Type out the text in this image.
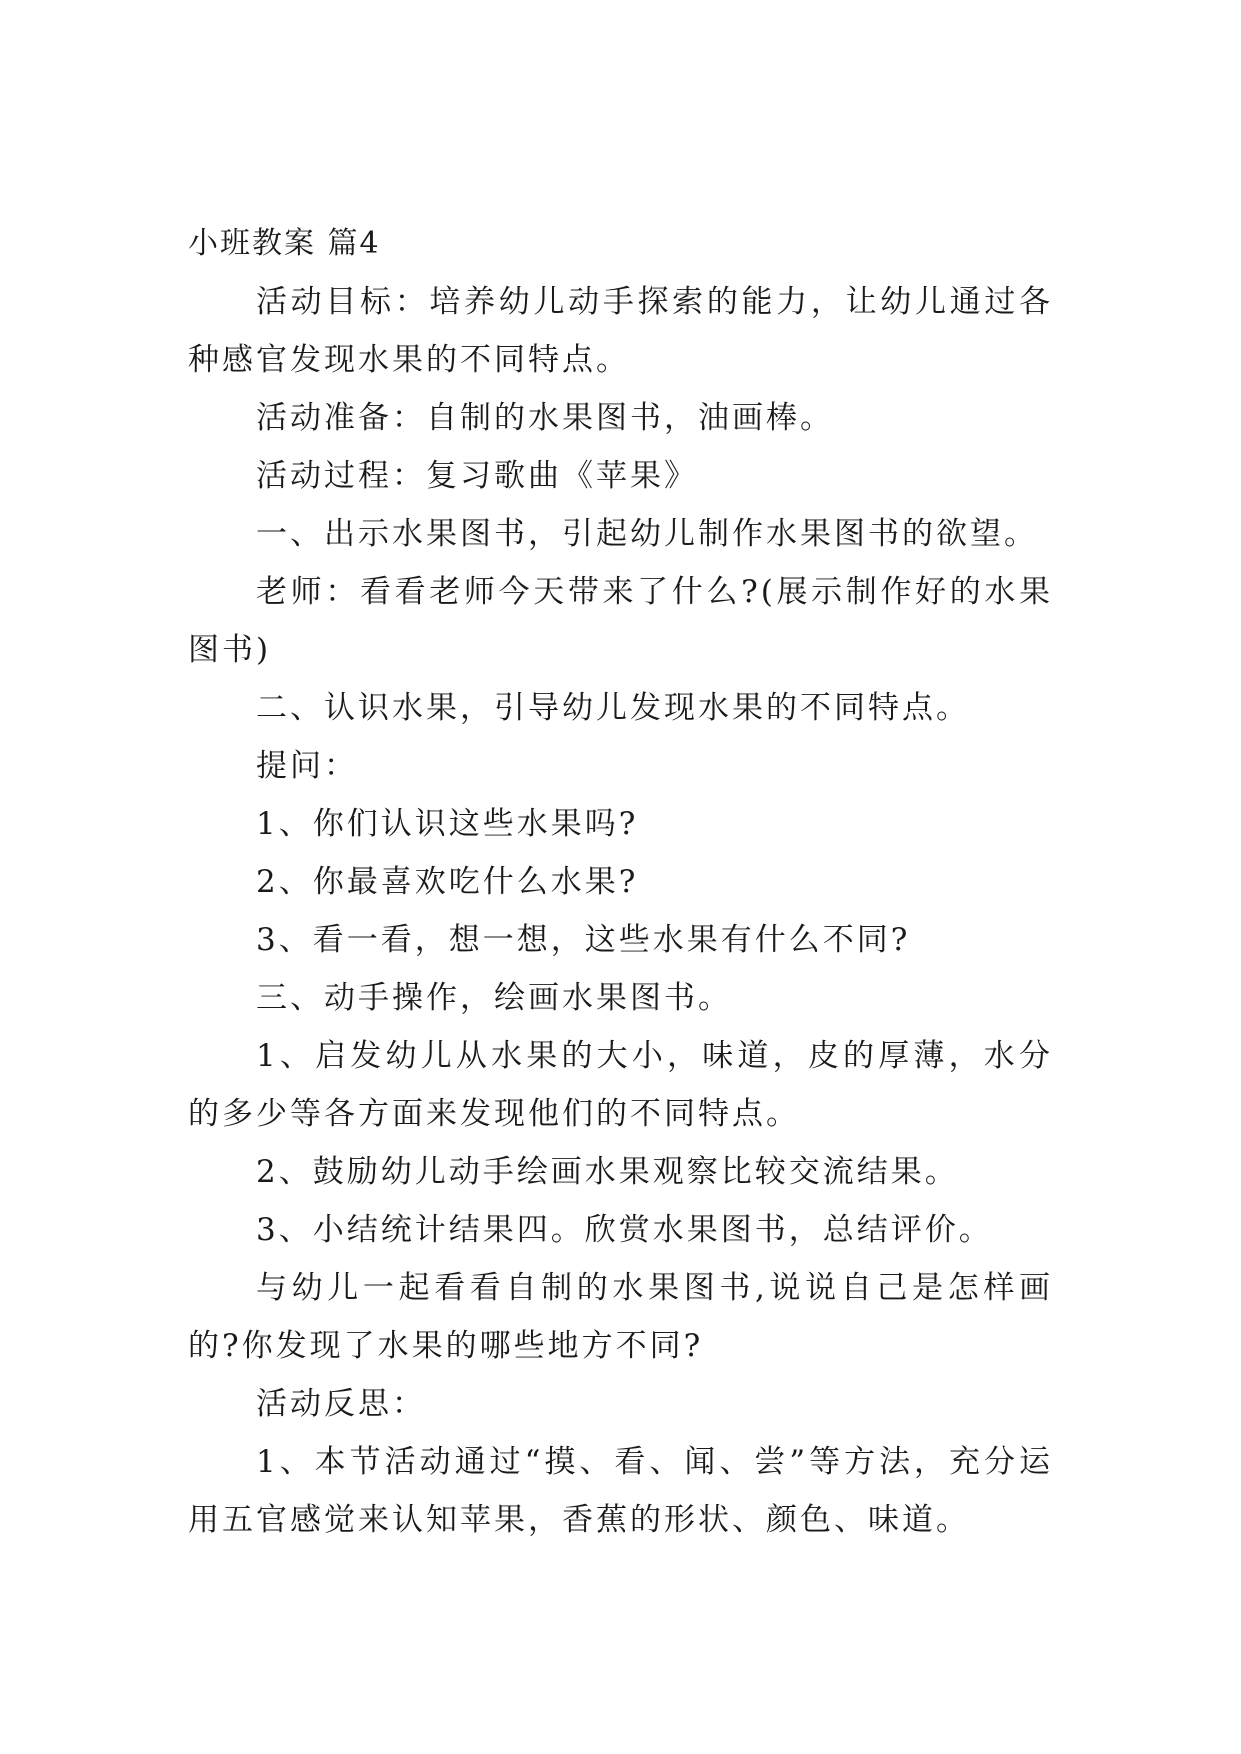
小班教案 篇4

活动目标：培养幼儿动手探索的能力，让幼儿通过各种感官发现水果的不同特点。

活动准备：自制的水果图书，油画棒。

活动过程：复习歌曲《苹果》

一、出示水果图书，引起幼儿制作水果图书的欲望。

老师：看看老师今天带来了什么?(展示制作好的水果图书)

二、认识水果，引导幼儿发现水果的不同特点。

提问：

1、你们认识这些水果吗?

2、你最喜欢吃什么水果?

3、看一看，想一想，这些水果有什么不同?

三、动手操作，绘画水果图书。

1、启发幼儿从水果的大小，味道，皮的厚薄，水分的多少等各方面来发现他们的不同特点。

2、鼓励幼儿动手绘画水果观察比较交流结果。

3、小结统计结果四。欣赏水果图书，总结评价。

与幼儿一起看看自制的水果图书,说说自己是怎样画的?你发现了水果的哪些地方不同?

活动反思：

1、本节活动通过“摸、看、闻、尝”等方法，充分运用五官感觉来认知苹果，香蕉的形状、颜色、味道。
